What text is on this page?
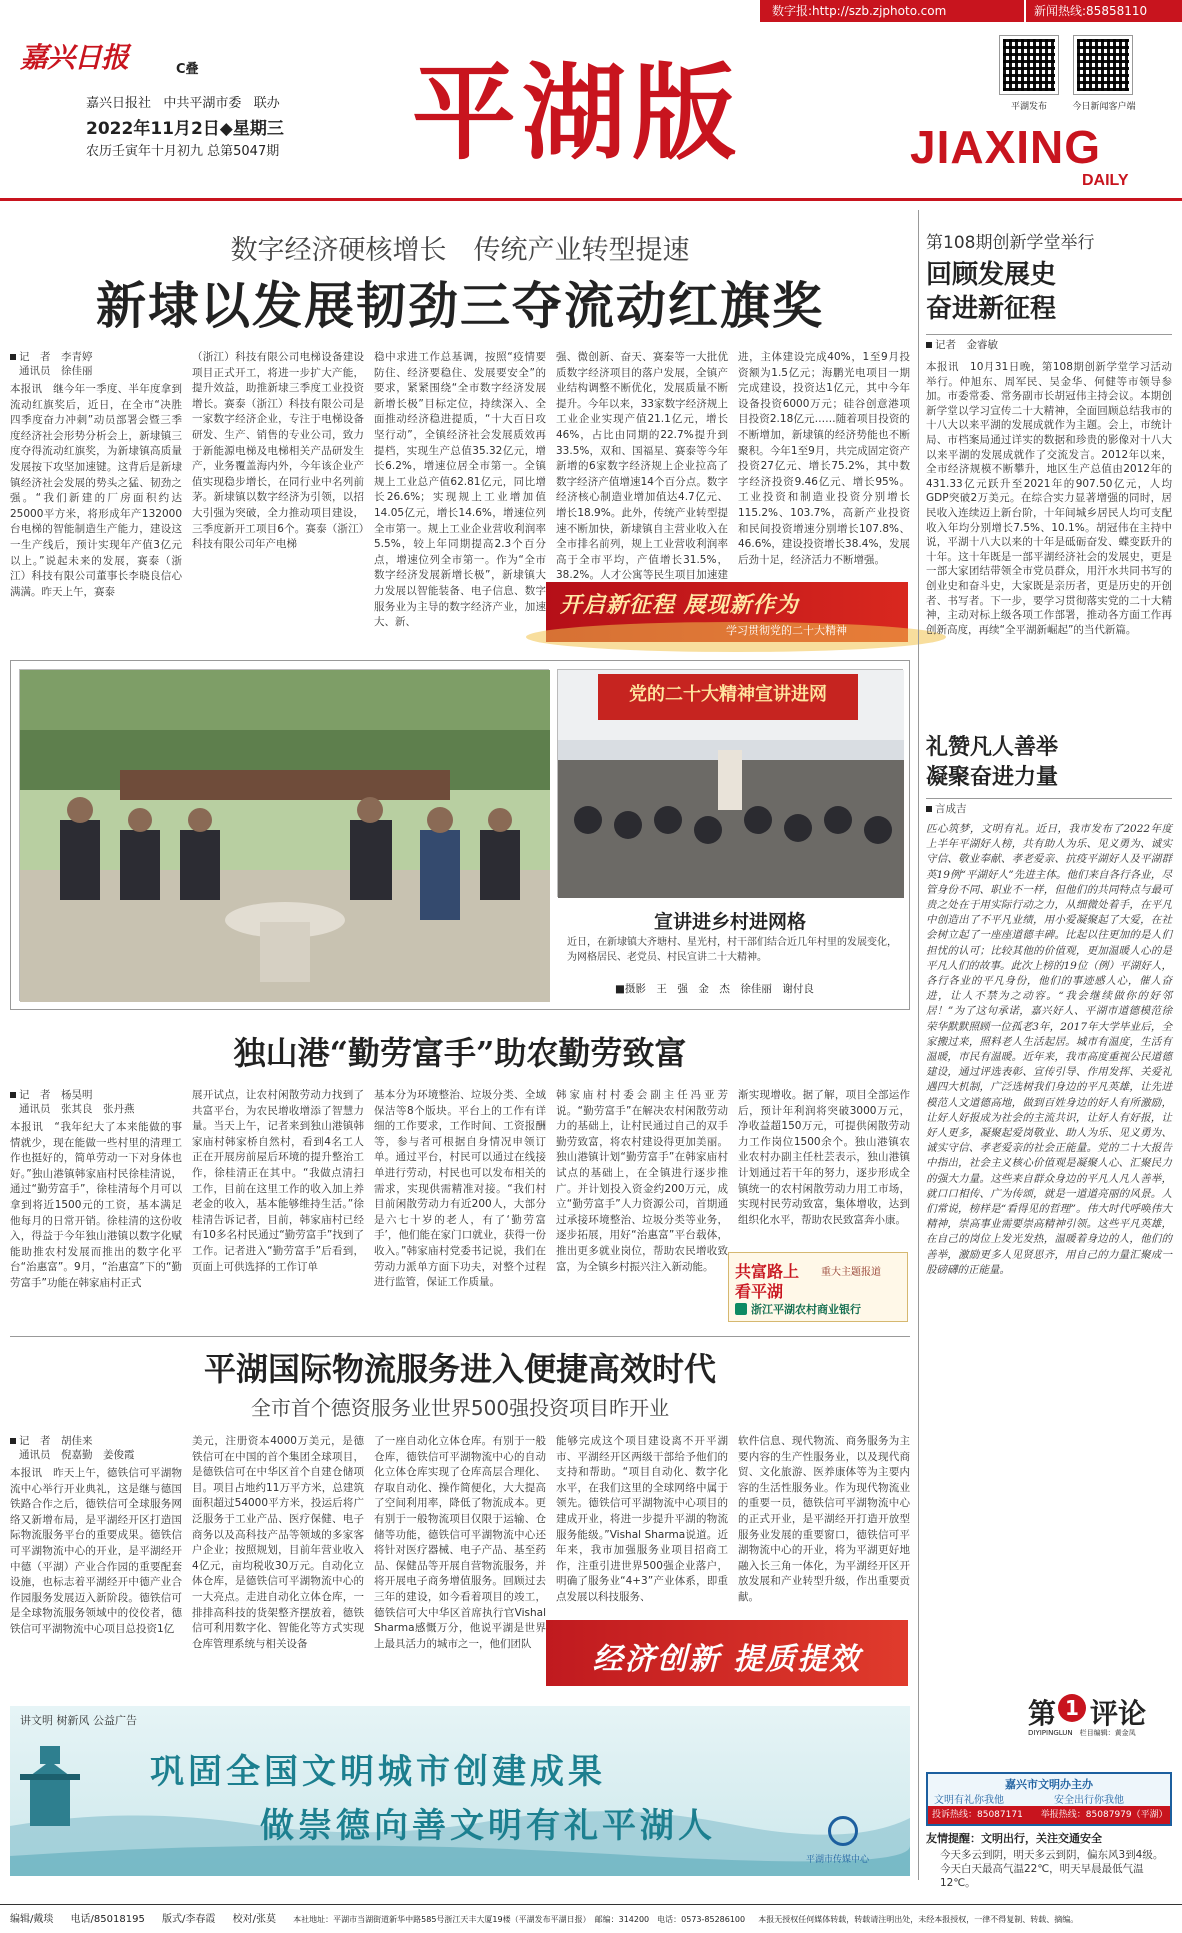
数字报:http://szb.zjphoto.com	新闻热线:85858110
嘉兴日报	C叠
嘉兴日报社   中共平湖市委   联办
2022年11月2日◆星期三
农历壬寅年十月初九 总第5047期 平湖版	平湖发布	今日新闻客户端
JIAXING
DAILY
数字经济硬核增长　传统产业转型提速
新埭以发展韧劲三夺流动红旗奖
记　者　李青婷
通讯员　徐佳丽
本报讯　继今年一季度、半年度拿到流动红旗奖后，近日，在全市“决胜四季度奋力冲刺”动员部署会暨三季度经济社会形势分析会上，新埭镇三度夺得流动红旗奖，为新埭镇高质量发展按下攻坚加速键。这背后是新埭镇经济社会发展的势头之猛、韧劲之强。“我们新建的厂房面积约达25000平方米，将形成年产132000台电梯的智能制造生产能力，建设这一生产线后，预计实现年产值3亿元以上。”说起未来的发展，赛泰（浙江）科技有限公司董事长李晓良信心满满。昨天上午，赛泰
（浙江）科技有限公司电梯设备建设项目正式开工，将进一步扩大产能，提升效益，助推新埭三季度工业投资增长。赛泰（浙江）科技有限公司是一家数字经济企业，专注于电梯设备研发、生产、销售的专业公司，致力于新能源电梯及电梯相关产品研发生产，业务覆盖海内外，今年该企业产值实现稳步增长，在同行业中名列前茅。新埭镇以数字经济为引领，以招大引强为突破，全力推动项目建设，三季度新开工项目6个。赛泰（浙江）科技有限公司年产电梯
稳中求进工作总基调，按照“疫情要防住、经济要稳住、发展要安全”的要求，紧紧围绕“全市数字经济发展新增长极”目标定位，持续深入、全面推动经济稳进提质，“十大百日攻坚行动”，全镇经济社会发展质效再提档，实现生产总值35.32亿元，增长6.2%，增速位居全市第一。全镇规上工业总产值62.81亿元，同比增长26.6%；实现规上工业增加值14.05亿元，增长14.6%，增速位列全市第一。规上工业企业营收利润率5.5%，较上年同期提高2.3个百分点，增速位列全市第一。作为“全市数字经济发展新增长极”，新埭镇大力发展以智能装备、电子信息、数字服务业为主导的数字经济产业，加速大、新、
强、微创新、奋天、赛秦等一大批优质数字经济项目的落户发展，全镇产业结构调整不断优化，发展质量不断提升。今年以来，33家数字经济规上工业企业实现产值21.1亿元，增长46%，占比由同期的22.7%提升到33.5%，双和、国福星、赛泰等今年新增的6家数字经济规上企业拉高了数字经济产值增速14个百分点。数字经济核心制造业增加值达4.7亿元、增长18.9%。此外，传统产业转型提速不断加快，新埭镇自主营业收入在全市排名前列，规上工业营收利润率高于全市平均，产值增长31.5%，38.2%。人才公寓等民生项目加速建
进，主体建设完成40%，1至9月投资额为1.5亿元；海鹏光电项目一期完成建设，投资达1亿元，其中今年设备投资6000万元；硅谷创意港项目投资2.18亿元……随着项目投资的不断增加，新埭镇的经济势能也不断聚积。今年1至9月，共完成固定资产投资27亿元、增长75.2%，其中数字经济投资9.46亿元、增长95%。工业投资和制造业投资分别增长115.2%、103.7%，高新产业投资和民间投资增速分别增长107.8%、46.6%，建设投资增长38.4%，发展后劲十足，经济活力不断增强。
开启新征程 展现新作为
学习贯彻党的二十大精神
党的二十大精神宣讲进网
宣讲进乡村进网格
近日，在新埭镇大齐塘村、星光村，村干部们结合近几年村里的发展变化，为网格居民、老党员、村民宣讲二十大精神。
■摄影　王　强　金　杰　徐佳丽　谢付良
独山港“勤劳富手”助农勤劳致富
记　者　杨昊明
通讯员　张其良　张丹燕
本报讯　“我年纪大了本来能做的事情就少，现在能做一些村里的清理工作也挺好的，简单劳动一下对身体也好。”独山港镇韩家庙村民徐桂清说，通过“勤劳富手”，徐桂清每个月可以拿到将近1500元的工资，基本满足他每月的日常开销。徐桂清的这份收入，得益于今年独山港镇以数字化赋能助推农村发展而推出的数字化平台“治惠富”。9月，“治惠富”下的“勤劳富手”功能在韩家庙村正式
展开试点，让农村闲散劳动力找到了共富平台，为农民增收增添了智慧力量。当天上午，记者来到独山港镇韩家庙村韩家桥自然村，看到4名工人正在开展房前屋后环境的提升整治工作，徐桂清正在其中。“我做点清扫工作，目前在这里工作的收入加上养老金的收入，基本能够维持生活。”徐桂清告诉记者，目前，韩家庙村已经有10多名村民通过“勤劳富手”找到了工作。记者进入“勤劳富手”后看到，页面上可供选择的工作订单
基本分为环境整治、垃圾分类、全域保洁等8个版块。平台上的工作有详细的工作要求，工作时间、工资报酬等，参与者可根据自身情况申领订单。通过平台，村民可以通过在线接单进行劳动，村民也可以发布相关的需求，实现供需精准对接。“我们村目前闲散劳动力有近200人，大部分是六七十岁的老人，有了‘勤劳富手’，他们能在家门口就业，获得一份收入。”韩家庙村党委书记说，我们在劳动力派单方面下功夫，对整个过程进行监管，保证工作质量。
韩家庙村村委会副主任冯亚芳说。“勤劳富手”在解决农村闲散劳动力的基础上，让村民通过自己的双手勤劳致富，将农村建设得更加美丽。独山港镇计划“勤劳富手”在韩家庙村试点的基础上，在全镇进行逐步推广。并计划投入资金约200万元，成立“勤劳富手”人力资源公司，首期通过承接环境整治、垃圾分类等业务，逐步拓展，用好“治惠富”平台载体，推出更多就业岗位，帮助农民增收致富，为全镇乡村振兴注入新动能。
渐实现增收。据了解，项目全部运作后，预计年利润将突破3000万元，净收益超150万元，可提供闲散劳动力工作岗位1500余个。独山港镇农业农村办副主任杜芸表示，独山港镇计划通过若干年的努力，逐步形成全镇统一的农村闲散劳动力用工市场，实现村民劳动致富，集体增收，达到组织化水平，帮助农民致富奔小康。
共富路上
看平湖
重大主题报道
浙江平湖农村商业银行
平湖国际物流服务进入便捷高效时代
全市首个德资服务业世界500强投资项目昨开业
记　者　胡佳来
通讯员　倪嘉勤　姜俊霞
本报讯　昨天上午，德铁信可平湖物流中心举行开业典礼，这是继与德国铁路合作之后，德铁信可全球服务网络又新增布局，是平湖经开区打造国际物流服务平台的重要成果。德铁信可平湖物流中心的开业，是平湖经开中德（平湖）产业合作园的重要配套设施，也标志着平湖经开中德产业合作园服务发展迈入新阶段。德铁信可是全球物流服务领域中的佼佼者，德铁信可平湖物流中心项目总投资1亿
美元，注册资本4000万美元，是德铁信可在中国的首个集团全球项目，是德铁信可在中华区首个自建仓储项目。项目占地约11万平方米，总建筑面积超过54000平方米，投运后将广泛服务于工业产品、医疗保健、电子商务以及高科技产品等领域的多家客户企业；按照规划，目前年营业收入4亿元，亩均税收30万元。自动化立体仓库，是德铁信可平湖物流中心的一大亮点。走进自动化立体仓库，一排排高科技的货架整齐摆放着，德铁信可利用数字化、智能化等方式实现仓库管理系统与相关设备
了一座自动化立体仓库。有别于一般仓库，德铁信可平湖物流中心的自动化立体仓库实现了仓库高层合理化、存取自动化、操作简便化，大大提高了空间利用率，降低了物流成本。更有别于一般物流项目仅限于运输、仓储等功能，德铁信可平湖物流中心还将针对医疗器械、电子产品、基至药品、保健品等开展自营物流服务，并将开展电子商务增值服务。回顾过去三年的建设，如今看着项目的竣工，德铁信可大中华区首席执行官Vishal Sharma感慨万分，他说平湖是世界上最具活力的城市之一，他们团队
能够完成这个项目建设离不开平湖市、平湖经开区两级干部给予他们的支持和帮助。“项目自动化、数字化水平，在我们这里的全球网络中属于领先。德铁信可平湖物流中心项目的建成开业，将进一步提升平湖的物流服务能级。”Vishal Sharma说道。近年来，我市加强服务业项目招商工作，注重引进世界500强企业落户，明确了服务业“4+3”产业体系，即重点发展以科技服务、
软件信息、现代物流、商务服务为主要内容的生产性服务业，以及现代商贸、文化旅游、医养康体等为主要内容的生活性服务业。作为现代物流业的重要一员，德铁信可平湖物流中心的正式开业，是平湖经开打造开放型服务业发展的重要窗口，德铁信可平湖物流中心的开业，将为平湖更好地融入长三角一体化，为平湖经开区开放发展和产业转型升级，作出重要贡献。
经济创新 提质提效
讲文明 树新风 公益广告
巩固全国文明城市创建成果
做崇德向善文明有礼平湖人
平湖市传媒中心
第108期创新学堂举行
回顾发展史
奋进新征程
记者　金睿敏
本报讯　10月31日晚，第108期创新学堂学习活动举行。仲旭东、周军民、吴金华、何健等市领导参加。市委常委、常务副市长胡冠伟主持会议。本期创新学堂以学习宣传二十大精神，全面回顾总结我市的十八大以来平湖的发展成就作为主题。会上，市统计局、市档案局通过详实的数据和珍贵的影像对十八大以来平湖的发展成就作了交流发言。2012年以来，全市经济规模不断攀升，地区生产总值由2012年的431.33亿元跃升至2021年的907.50亿元，人均GDP突破2万美元。在综合实力显著增强的同时，居民收入连续迈上新台阶，十年间城乡居民人均可支配收入年均分别增长7.5%、10.1%。胡冠伟在主持中说，平湖十八大以来的十年是砥砺奋发、蝶变跃升的十年。这十年既是一部平湖经济社会的发展史，更是一部大家团结带领全市党员群众，用汗水共同书写的创业史和奋斗史，大家既是亲历者，更是历史的开创者、书写者。下一步，要学习贯彻落实党的二十大精神，主动对标上级各项工作部署，推动各方面工作再创新高度，再续“全平湖新崛起”的当代新篇。
礼赞凡人善举
凝聚奋进力量
言成吉
匹心筑梦，文明有礼。近日，我市发布了2022年度上半年平湖好人榜，共有助人为乐、见义勇为、诚实守信、敬业奉献、孝老爱亲、抗疫平湖好人及平湖群英19例“平湖好人”先进主体。他们来自各行各业，尽管身份不同、职业不一样，但他们的共同特点与最可贵之处在于用实际行动之力，从细微处着手，在平凡中创造出了不平凡业绩，用小爱凝聚起了大爱，在社会树立起了一座座道德丰碑。比起以往更加的是人们担忧的认可；比较其他的价值观，更加温暖人心的是平凡人们的故事。此次上榜的19位（例）平湖好人，各行各业的平凡身份，他们的事迹感人心，催人奋进，让人不禁为之动容。“我会继续做你的好邻居！”为了这句承诺，嘉兴好人、平湖市道德模范徐荣华默默照顾一位孤老3年，2017年大学毕业后，全家搬过来，照料老人生活起居。城市有温度，生活有温暖，市民有温暖。近年来，我市高度重视公民道德建设，通过评选表彰、宣传引导、作用发挥、关爱礼遇四大机制，广泛选树我们身边的平凡英雄，让先进模范人文道德高地，做到百姓身边的好人有所激励，让好人好报成为社会的主流共识，让好人有好报，让好人更多，凝聚起爱岗敬业、助人为乐、见义勇为、诚实守信、孝老爱亲的社会正能量。党的二十大报告中指出，社会主义核心价值观是凝聚人心、汇聚民力的强大力量。这些来自群众身边的平凡人凡人善举，就口口相传、广为传颂，就是一道道亮丽的风景。人们常说，榜样是“看得见的哲理”。伟大时代呼唤伟大精神，崇高事业需要崇高精神引领。这些平凡英雄，在自己的岗位上发光发热，温暖着身边的人，他们的善举，激励更多人见贤思齐，用自己的力量汇聚成一股磅礴的正能量。
第 1 评论
DIYIPINGLUN　栏目编辑：黄金凤
嘉兴市文明办主办
文明有礼你我他	安全出行你我他
投诉热线：85087171　　举报热线：85087979（平湖）
友情提醒：文明出行，关注交通安全
今天多云到阴，明天多云到阴，偏东风3到4级。今天白天最高气温22℃，明天早晨最低气温12℃。
编辑/戴琰 电话/85018195 版式/李春霞 校对/张莫 本社地址：平湖市当湖街道新华中路585号浙江天丰大厦19楼（平湖发布平湖日报）　邮编：314200　电话：0573-85286100 本报无授权任何媒体转载，转载请注明出处，未经本报授权，一律不得复制、转载、摘编。
